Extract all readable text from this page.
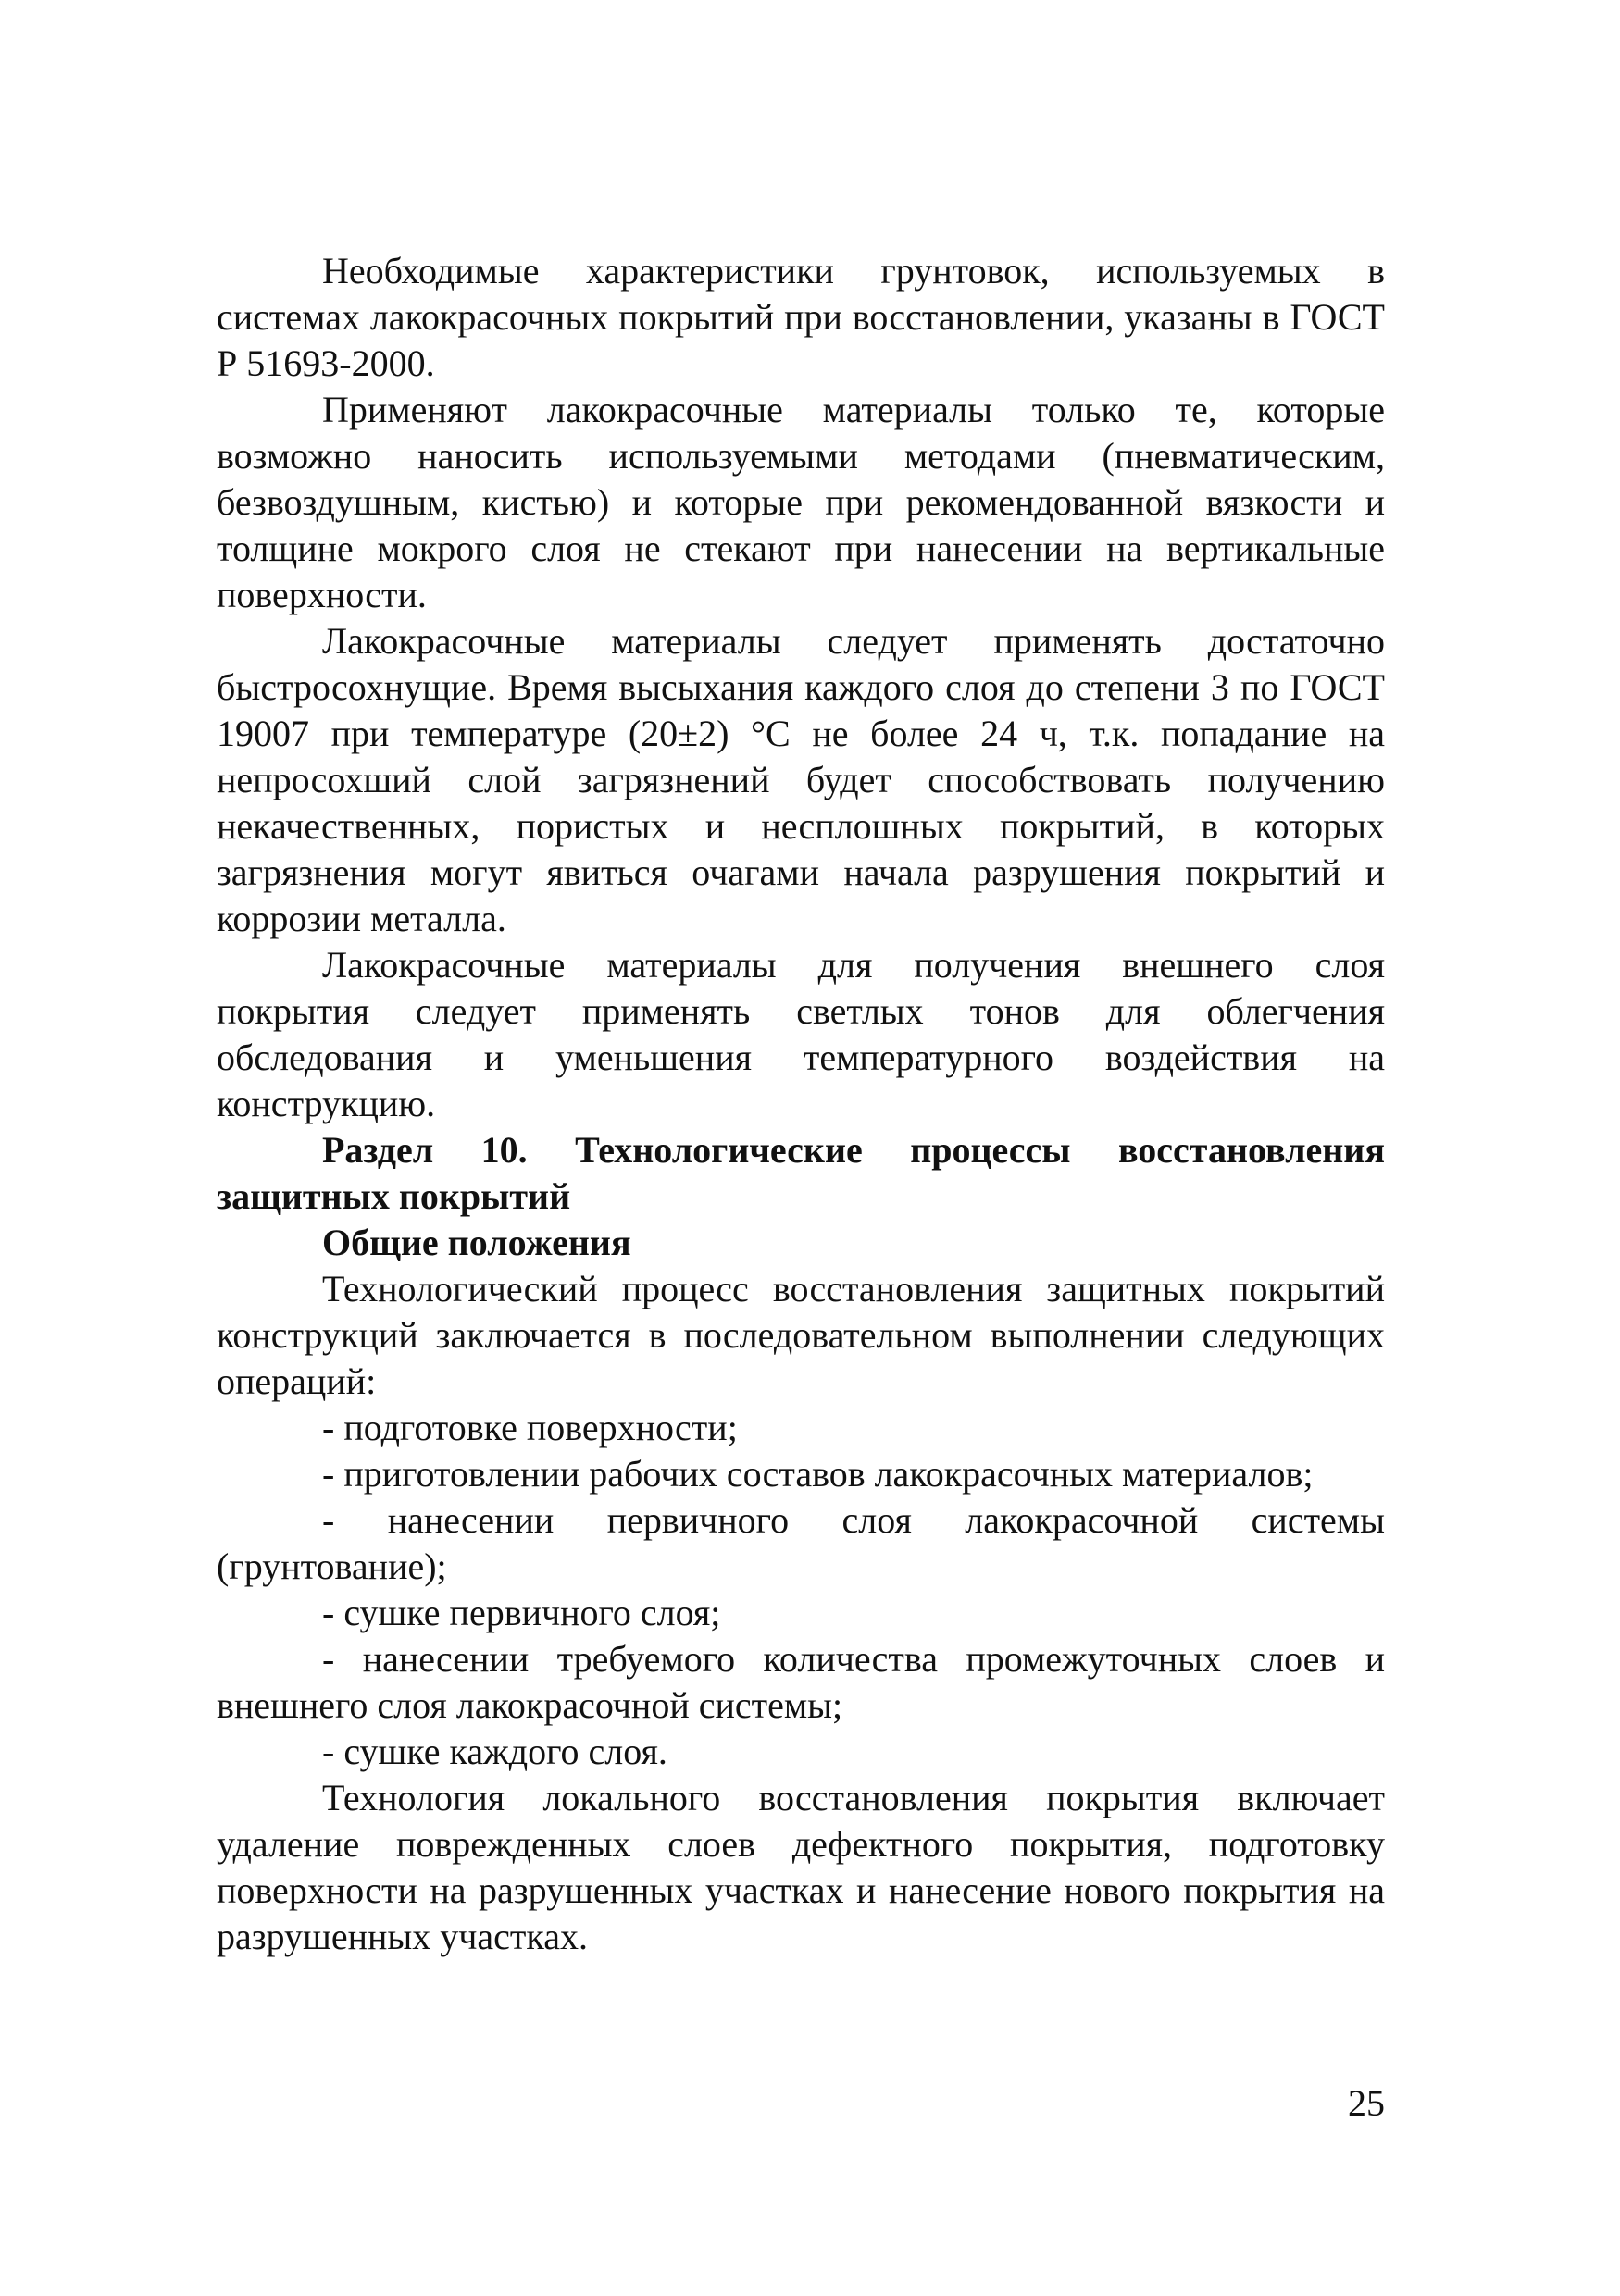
Необходимые характеристики грунтовок, используемых в системах лакокрасочных покрытий при восстановлении, указаны в ГОСТ Р 51693-2000.

Применяют лакокрасочные материалы только те, которые возможно наносить используемыми методами (пневматическим, безвоздушным, кистью) и которые при рекомендованной вязкости и толщине мокрого слоя не стекают при нанесении на вертикальные поверхности.

Лакокрасочные материалы следует применять достаточно быстросохнущие. Время высыхания каждого слоя до степени 3 по ГОСТ 19007 при температуре (20±2) °С не более 24 ч, т.к. попадание на непросохший слой загрязнений будет способствовать получению некачественных, пористых и несплошных покрытий, в которых загрязнения могут явиться очагами начала разрушения покрытий и коррозии металла.

Лакокрасочные материалы для получения внешнего слоя покрытия следует применять светлых тонов для облегчения обследования и уменьшения температурного воздействия на конструкцию.

Раздел 10. Технологические процессы восстановления защитных покрытий

Общие положения

Технологический процесс восстановления защитных покрытий конструкций заключается в последовательном выполнении следующих операций:

- подготовке поверхности;

- приготовлении рабочих составов лакокрасочных материалов;

- нанесении первичного слоя лакокрасочной системы (грунтование);

- сушке первичного слоя;

- нанесении требуемого количества промежуточных слоев и внешнего слоя лакокрасочной системы;

- сушке каждого слоя.

Технология локального восстановления покрытия включает удаление поврежденных слоев дефектного покрытия, подготовку поверхности на разрушенных участках и нанесение нового покрытия на разрушенных участках.

25
